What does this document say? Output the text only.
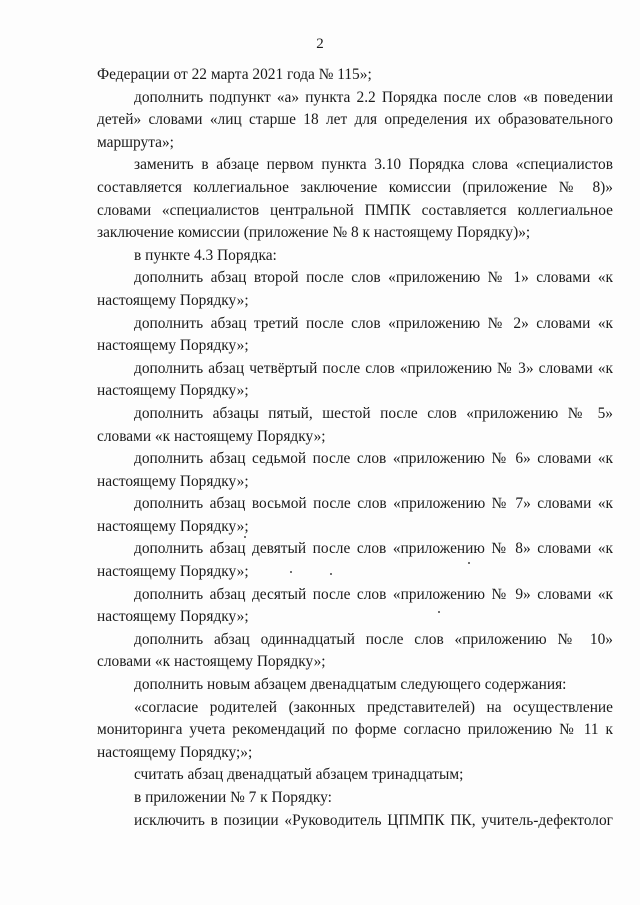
2

Федерации от 22 марта 2021 года № 115»;

дополнить подпункт «а» пункта 2.2 Порядка после слов «в поведении детей» словами «лиц старше 18 лет для определения их образовательного маршрута»;

заменить в абзаце первом пункта 3.10 Порядка слова «специалистов составляется коллегиальное заключение комиссии (приложение № 8)» словами «специалистов центральной ПМПК составляется коллегиальное заключение комиссии (приложение № 8 к настоящему Порядку)»;

в пункте 4.3 Порядка:

дополнить абзац второй после слов «приложению № 1» словами «к настоящему Порядку»;

дополнить абзац третий после слов «приложению № 2» словами «к настоящему Порядку»;

дополнить абзац четвёртый после слов «приложению № 3» словами «к настоящему Порядку»;

дополнить абзацы пятый, шестой после слов «приложению № 5» словами «к настоящему Порядку»;

дополнить абзац седьмой после слов «приложению № 6» словами «к настоящему Порядку»;

дополнить абзац восьмой после слов «приложению № 7» словами «к настоящему Порядку»;

дополнить абзац девятый после слов «приложению № 8» словами «к настоящему Порядку»;

дополнить абзац десятый после слов «приложению № 9» словами «к настоящему Порядку»;

дополнить абзац одиннадцатый после слов «приложению № 10» словами «к настоящему Порядку»;

дополнить новым абзацем двенадцатым следующего содержания:

«согласие родителей (законных представителей) на осуществление мониторинга учета рекомендаций по форме согласно приложению № 11 к настоящему Порядку;»;

считать абзац двенадцатый абзацем тринадцатым;

в приложении № 7 к Порядку:

исключить в позиции «Руководитель ЦПМПК ПК, учитель-дефектолог
